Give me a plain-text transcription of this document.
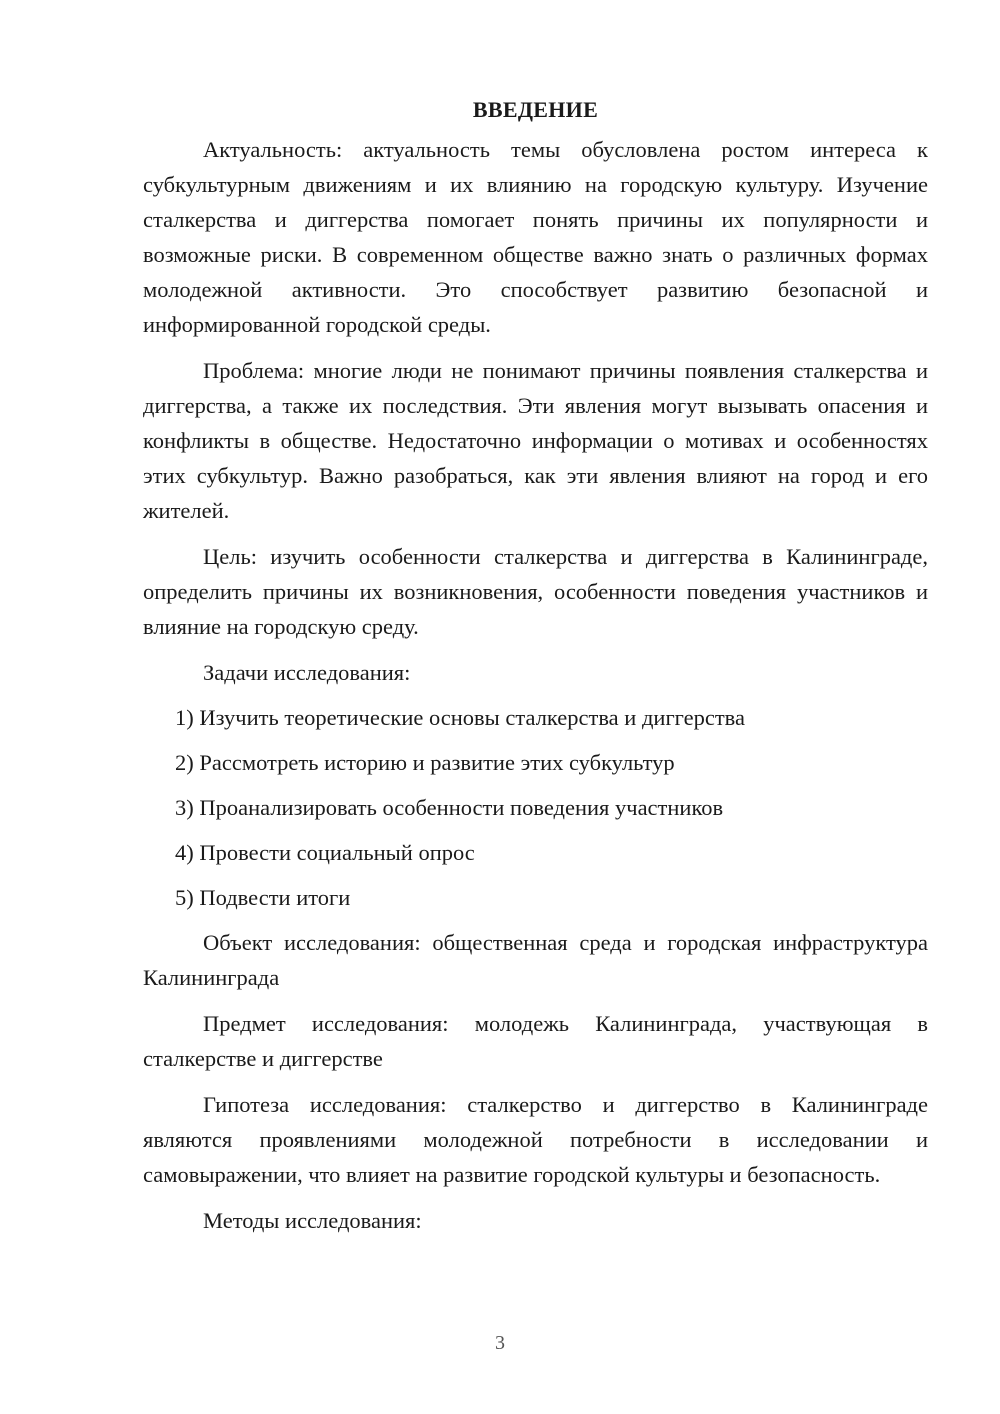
ВВЕДЕНИЕ

Актуальность: актуальность темы обусловлена ростом интереса к субкультурным движениям и их влиянию на городскую культуру. Изучение сталкерства и диггерства помогает понять причины их популярности и возможные риски. В современном обществе важно знать о различных формах молодежной активности. Это способствует развитию безопасной и информированной городской среды.

Проблема: многие люди не понимают причины появления сталкерства и диггерства, а также их последствия. Эти явления могут вызывать опасения и конфликты в обществе. Недостаточно информации о мотивах и особенностях этих субкультур. Важно разобраться, как эти явления влияют на город и его жителей.

Цель: изучить особенности сталкерства и диггерства в Калининграде, определить причины их возникновения, особенности поведения участников и влияние на городскую среду.

Задачи исследования:

1) Изучить теоретические основы сталкерства и диггерства
2) Рассмотреть историю и развитие этих субкультур
3) Проанализировать особенности поведения участников
4) Провести социальный опрос
5) Подвести итоги

Объект исследования: общественная среда и городская инфраструктура Калининграда

Предмет исследования: молодежь Калининграда, участвующая в сталкерстве и диггерстве

Гипотеза исследования: сталкерство и диггерство в Калининграде являются проявлениями молодежной потребности в исследовании и самовыражении, что влияет на развитие городской культуры и безопасность.

Методы исследования:

3
